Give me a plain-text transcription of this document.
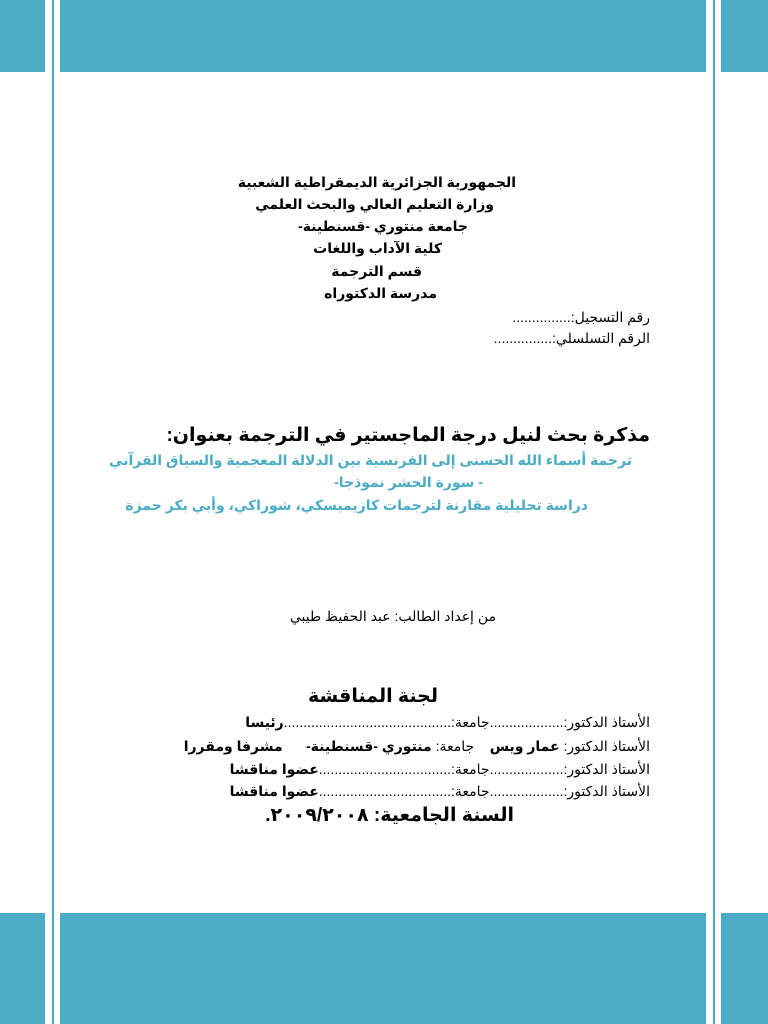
الجمهورية الجزائرية الديمقراطية الشعبية
وزارة التعليم العالي والبحث العلمي
جامعة منتوري -قسنطينة-
كلية الآداب واللغات
قسم الترجمة
مدرسة الدكتوراه
رقم التسجيل:...............
الرقم التسلسلي:...............
مذكرة بحث لنيل درجة الماجستير في الترجمة بعنوان:
ترجمة أسماء الله الحسنى إلى الفرنسية بين الدلالة المعجمية والسياق القرآني
- سورة الحشر نموذجا-
دراسة تحليلية مقارنة لترجمات كازيميسكي، شوراكي، وأبي بكر حمزة
من إعداد الطالب: عبد الحفيظ طيبي
لجنة المناقشة
الأستاذ الدكتور:...................جامعة:...........................................رئيسا
الأستاذ الدكتور: عمار ويس    جامعة: منتوري -قسنطينة-      مشرفا ومقررا
الأستاذ الدكتور:...................جامعة:..................................عضوا مناقشا
الأستاذ الدكتور:...................جامعة:..................................عضوا مناقشا
السنة الجامعية: ٢٠٠٩/٢٠٠٨.
